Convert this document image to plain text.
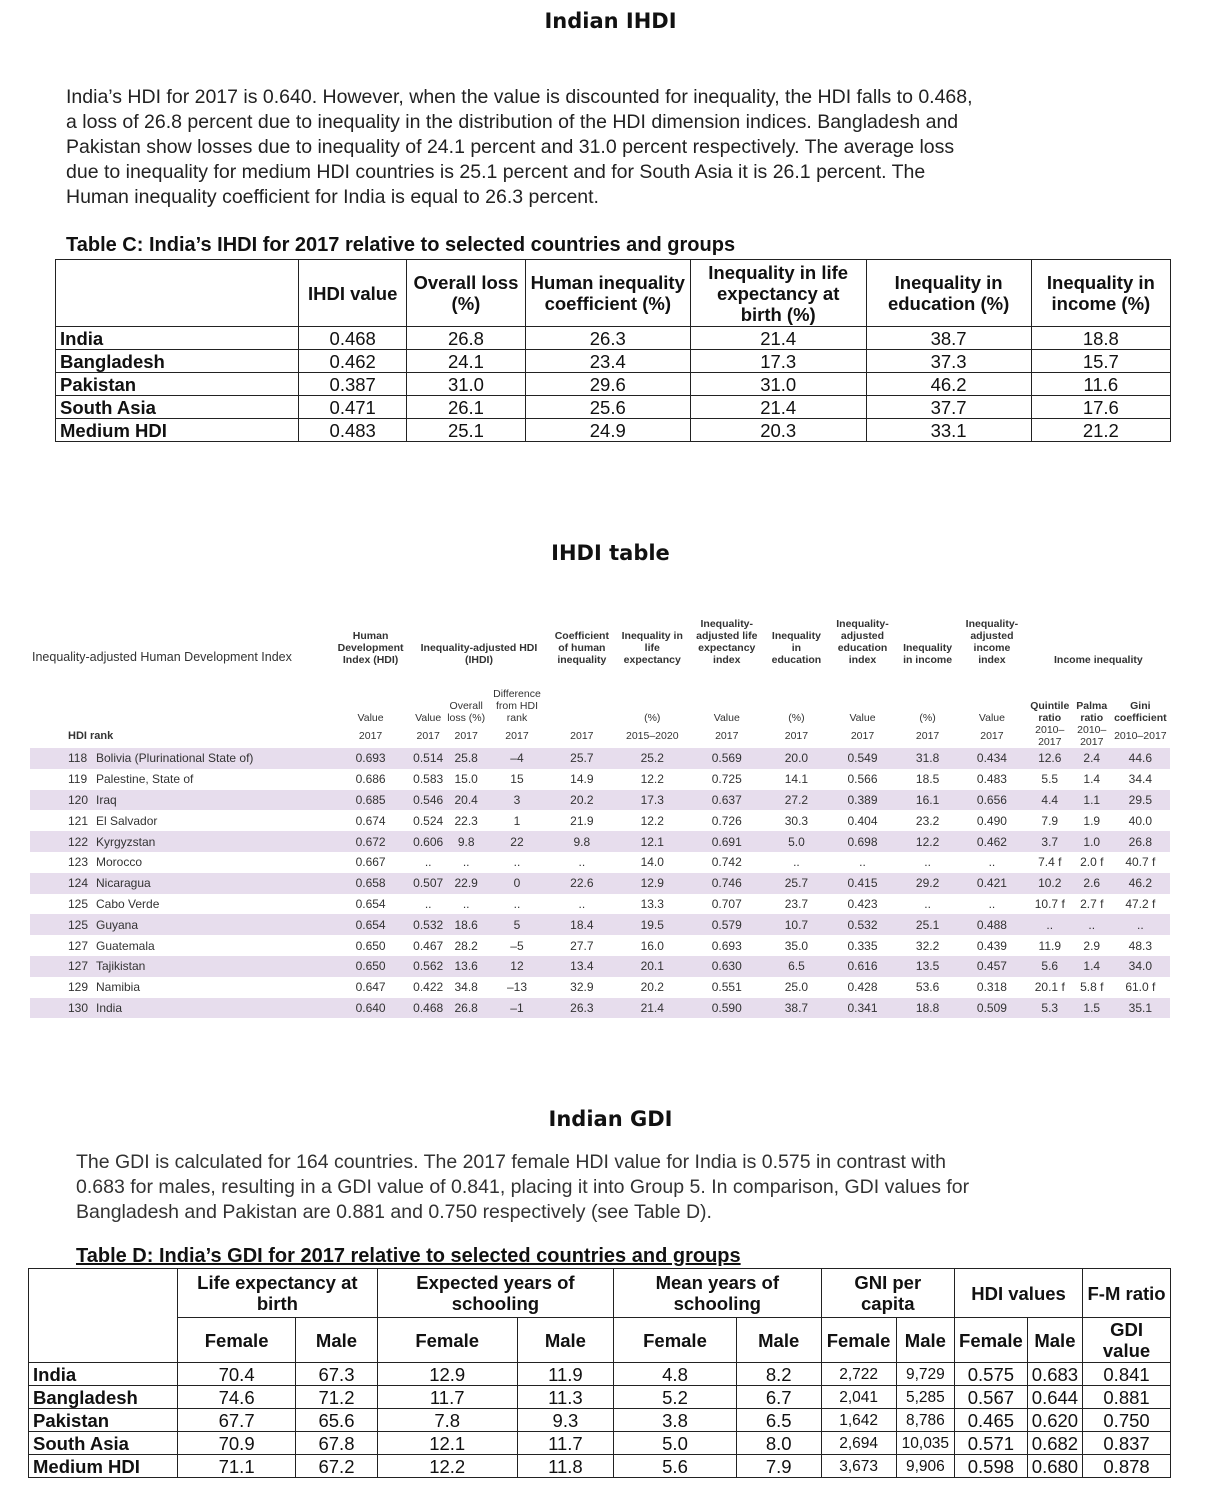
Indian IHDI
India’s HDI for 2017 is 0.640. However, when the value is discounted for inequality, the HDI falls to 0.468,
a loss of 26.8 percent due to inequality in the distribution of the HDI dimension indices. Bangladesh and
Pakistan show losses due to inequality of 24.1 percent and 31.0 percent respectively. The average loss
due to inequality for medium HDI countries is 25.1 percent and for South Asia it is 26.1 percent. The
Human inequality coefficient for India is equal to 26.3 percent.
Table C: India’s IHDI for 2017 relative to selected countries and groups
	IHDI value	Overall loss (%)	Human inequality coefficient (%)	Inequality in life expectancy at birth (%)	Inequality in education (%)	Inequality in income (%)
India	0.468	26.8	26.3	21.4	38.7	18.8
Bangladesh	0.462	24.1	23.4	17.3	37.3	15.7
Pakistan	0.387	31.0	29.6	31.0	46.2	11.6
South Asia	0.471	26.1	25.6	21.4	37.7	17.6
Medium HDI	0.483	25.1	24.9	20.3	33.1	21.2
IHDI table
Inequality-adjusted Human Development Index	Human Development Index (HDI)	Inequality-adjusted HDI (IHDI)			Coefficient of human inequality	Inequality in life expectancy	Inequality-adjusted life expectancy index	Inequality in education	Inequality-adjusted education index	Inequality in income	Inequality-adjusted income index	Income inequality		
	Value	Value	Overall loss (%)	Difference from HDI rank		(%)	Value	(%)	Value	(%)	Value	Quintile ratio	Palma ratio	Gini coefficient
HDI rank	2017	2017	2017	2017	2017	2015–2020	2017	2017	2017	2017	2017	2010–2017	2010–2017	2010–2017
118 Bolivia (Plurinational State of)	0.693	0.514	25.8	–4	25.7	25.2	0.569	20.0	0.549	31.8	0.434	12.6	2.4	44.6
119 Palestine, State of	0.686	0.583	15.0	15	14.9	12.2	0.725	14.1	0.566	18.5	0.483	5.5	1.4	34.4
120 Iraq	0.685	0.546	20.4	3	20.2	17.3	0.637	27.2	0.389	16.1	0.656	4.4	1.1	29.5
121 El Salvador	0.674	0.524	22.3	1	21.9	12.2	0.726	30.3	0.404	23.2	0.490	7.9	1.9	40.0
122 Kyrgyzstan	0.672	0.606	9.8	22	9.8	12.1	0.691	5.0	0.698	12.2	0.462	3.7	1.0	26.8
123 Morocco	0.667	..	..	..	..	14.0	0.742	..	..	..	..	7.4 f	2.0 f	40.7 f
124 Nicaragua	0.658	0.507	22.9	0	22.6	12.9	0.746	25.7	0.415	29.2	0.421	10.2	2.6	46.2
125 Cabo Verde	0.654	..	..	..	..	13.3	0.707	23.7	0.423	..	..	10.7 f	2.7 f	47.2 f
125 Guyana	0.654	0.532	18.6	5	18.4	19.5	0.579	10.7	0.532	25.1	0.488	..	..	..
127 Guatemala	0.650	0.467	28.2	–5	27.7	16.0	0.693	35.0	0.335	32.2	0.439	11.9	2.9	48.3
127 Tajikistan	0.650	0.562	13.6	12	13.4	20.1	0.630	6.5	0.616	13.5	0.457	5.6	1.4	34.0
129 Namibia	0.647	0.422	34.8	–13	32.9	20.2	0.551	25.0	0.428	53.6	0.318	20.1 f	5.8 f	61.0 f
130 India	0.640	0.468	26.8	–1	26.3	21.4	0.590	38.7	0.341	18.8	0.509	5.3	1.5	35.1
Indian GDI
The GDI is calculated for 164 countries. The 2017 female HDI value for India is 0.575 in contrast with
0.683 for males, resulting in a GDI value of 0.841, placing it into Group 5. In comparison, GDI values for
Bangladesh and Pakistan are 0.881 and 0.750 respectively (see Table D).
Table D: India’s GDI for 2017 relative to selected countries and groups
	Life expectancy at birth		Expected years of schooling		Mean years of schooling		GNI per capita		HDI values		F-M ratio
	Female	Male	Female	Male	Female	Male	Female	Male	Female	Male	GDI value
India	70.4	67.3	12.9	11.9	4.8	8.2	2,722	9,729	0.575	0.683	0.841
Bangladesh	74.6	71.2	11.7	11.3	5.2	6.7	2,041	5,285	0.567	0.644	0.881
Pakistan	67.7	65.6	7.8	9.3	3.8	6.5	1,642	8,786	0.465	0.620	0.750
South Asia	70.9	67.8	12.1	11.7	5.0	8.0	2,694	10,035	0.571	0.682	0.837
Medium HDI	71.1	67.2	12.2	11.8	5.6	7.9	3,673	9,906	0.598	0.680	0.878
